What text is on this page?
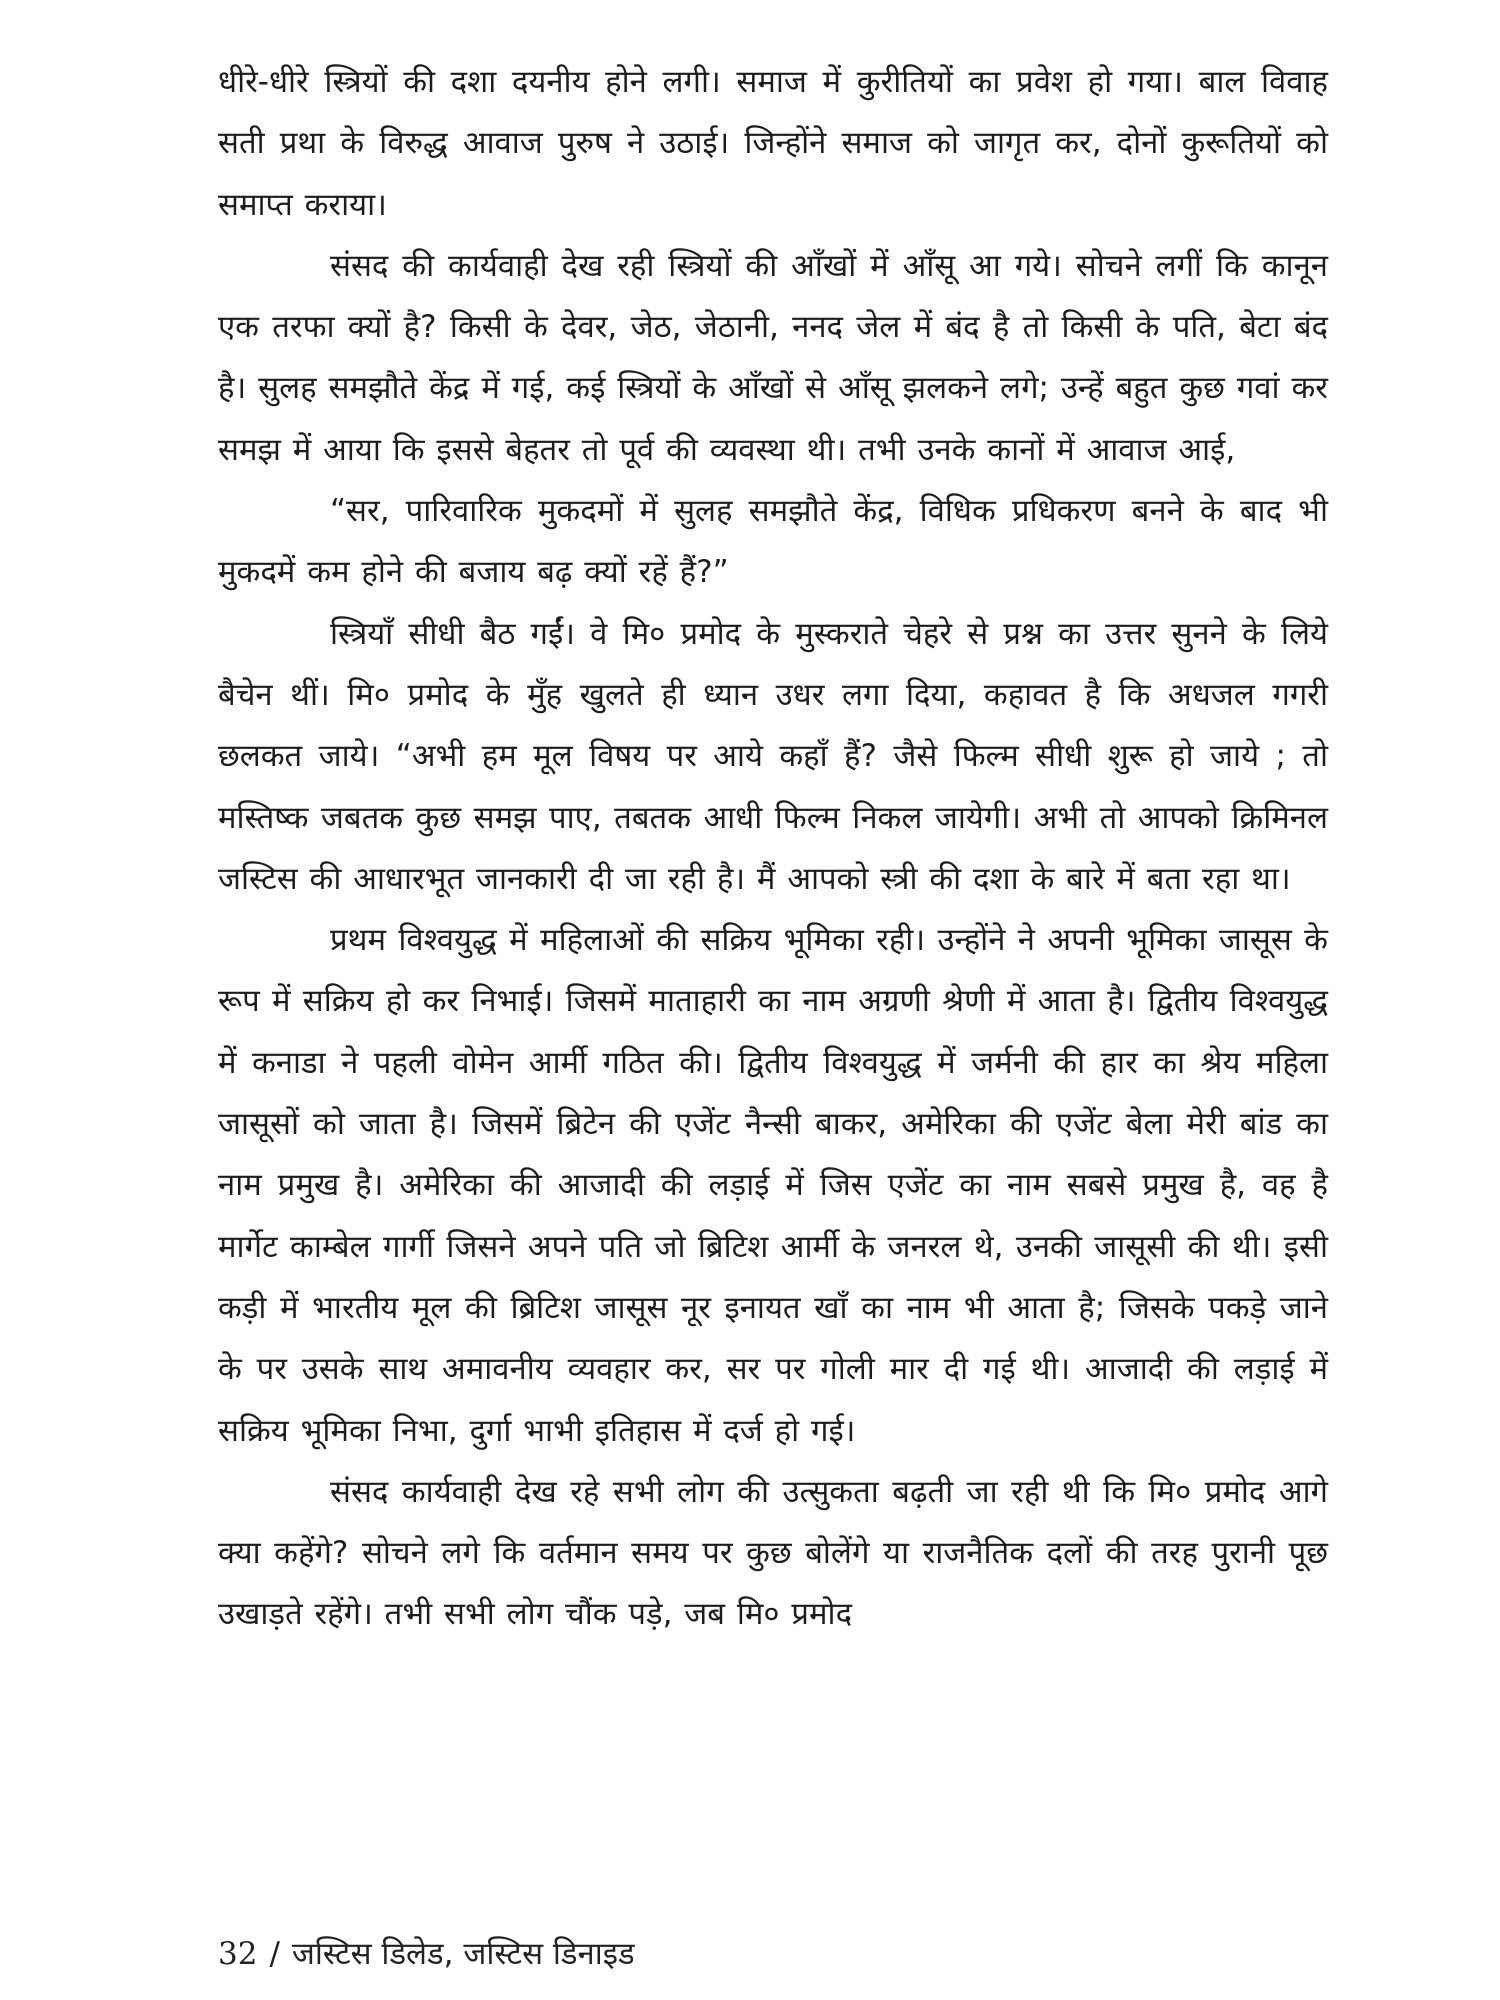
धीरे-धीरे स्त्रियों की दशा दयनीय होने लगी। समाज में कुरीतियों का प्रवेश हो गया। बाल विवाह सती प्रथा के विरुद्ध आवाज पुरुष ने उठाई। जिन्होंने समाज को जागृत कर, दोनों कुरूतियों को समाप्त कराया।

संसद की कार्यवाही देख रही स्त्रियों की आँखों में आँसू आ गये। सोचने लगीं कि कानून एक तरफा क्यों है? किसी के देवर, जेठ, जेठानी, ननद जेल में बंद है तो किसी के पति, बेटा बंद है। सुलह समझौते केंद्र में गई, कई स्त्रियों के आँखों से आँसू झलकने लगे; उन्हें बहुत कुछ गवां कर समझ में आया कि इससे बेहतर तो पूर्व की व्यवस्था थी। तभी उनके कानों में आवाज आई,

“सर, पारिवारिक मुकदमों में सुलह समझौते केंद्र, विधिक प्रधिकरण बनने के बाद भी मुकदमें कम होने की बजाय बढ़ क्यों रहें हैं?”

स्त्रियाँ सीधी बैठ गईं। वे मि० प्रमोद के मुस्कराते चेहरे से प्रश्न का उत्तर सुनने के लिये बैचेन थीं। मि० प्रमोद के मुँह खुलते ही ध्यान उधर लगा दिया, कहावत है कि अधजल गगरी छलकत जाये। “अभी हम मूल विषय पर आये कहाँ हैं? जैसे फिल्म सीधी शुरू हो जाये ; तो मस्तिष्क जबतक कुछ समझ पाए, तबतक आधी फिल्म निकल जायेगी। अभी तो आपको क्रिमिनल जस्टिस की आधारभूत जानकारी दी जा रही है। मैं आपको स्त्री की दशा के बारे में बता रहा था।

प्रथम विश्वयुद्ध में महिलाओं की सक्रिय भूमिका रही। उन्होंने ने अपनी भूमिका जासूस के रूप में सक्रिय हो कर निभाई। जिसमें माताहारी का नाम अग्रणी श्रेणी में आता है। द्वितीय विश्वयुद्ध में कनाडा ने पहली वोमेन आर्मी गठित की। द्वितीय विश्वयुद्ध में जर्मनी की हार का श्रेय महिला जासूसों को जाता है। जिसमें ब्रिटेन की एजेंट नैन्सी बाकर, अमेरिका की एजेंट बेला मेरी बांड का नाम प्रमुख है। अमेरिका की आजादी की लड़ाई में जिस एजेंट का नाम सबसे प्रमुख है, वह है मार्गेट काम्बेल गार्गी जिसने अपने पति जो ब्रिटिश आर्मी के जनरल थे, उनकी जासूसी की थी। इसी कड़ी में भारतीय मूल की ब्रिटिश जासूस नूर इनायत खाँ का नाम भी आता है; जिसके पकड़े जाने के पर उसके साथ अमावनीय व्यवहार कर, सर पर गोली मार दी गई थी। आजादी की लड़ाई में सक्रिय भूमिका निभा, दुर्गा भाभी इतिहास में दर्ज हो गई।

संसद कार्यवाही देख रहे सभी लोग की उत्सुकता बढ़ती जा रही थी कि मि० प्रमोद आगे क्या कहेंगे? सोचने लगे कि वर्तमान समय पर कुछ बोलेंगे या राजनैतिक दलों की तरह पुरानी पूछ उखाड़ते रहेंगे। तभी सभी लोग चौंक पड़े, जब मि० प्रमोद

32 / जस्टिस डिलेड, जस्टिस डिनाइड
